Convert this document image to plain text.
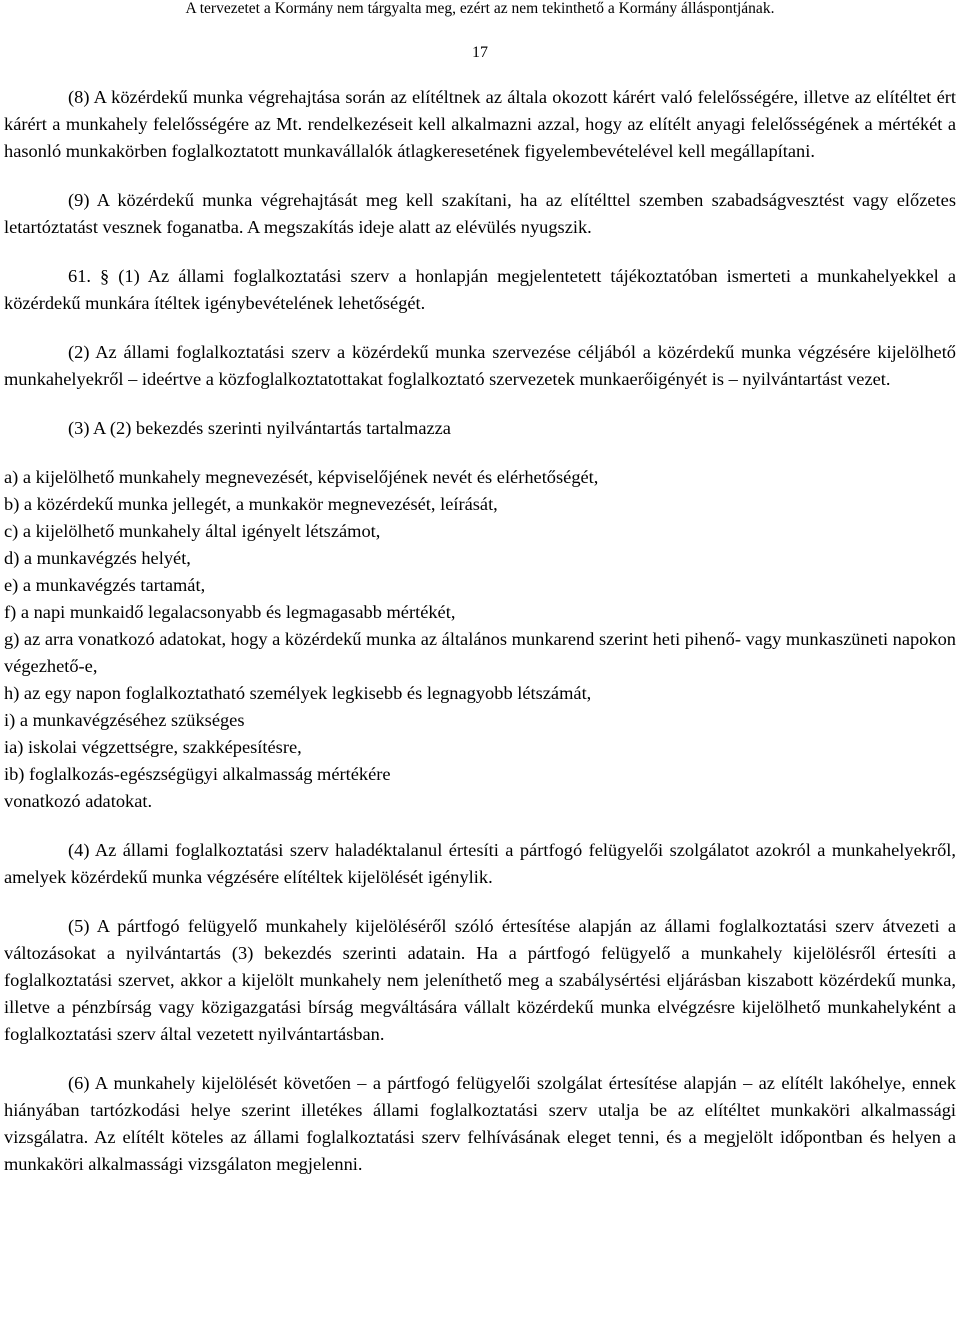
A tervezetet a Kormány nem tárgyalta meg, ezért az nem tekinthető a Kormány álláspontjának.
17

(8) A közérdekű munka végrehajtása során az elítéltnek az általa okozott kárért való felelősségére, illetve az elítéltet ért kárért a munkahely felelősségére az Mt. rendelkezéseit kell alkalmazni azzal, hogy az elítélt anyagi felelősségének a mértékét a hasonló munkakörben foglalkoztatott munkavállalók átlagkeresetének figyelembevételével kell megállapítani.

(9) A közérdekű munka végrehajtását meg kell szakítani, ha az elítélttel szemben szabadságvesztést vagy előzetes letartóztatást vesznek foganatba. A megszakítás ideje alatt az elévülés nyugszik.

61. § (1) Az állami foglalkoztatási szerv a honlapján megjelentetett tájékoztatóban ismerteti a munkahelyekkel a közérdekű munkára ítéltek igénybevételének lehetőségét.

(2) Az állami foglalkoztatási szerv a közérdekű munka szervezése céljából a közérdekű munka végzésére kijelölhető munkahelyekről – ideértve a közfoglalkoztatottakat foglalkoztató szervezetek munkaerőigényét is – nyilvántartást vezet.

(3) A (2) bekezdés szerinti nyilvántartás tartalmazza

a) a kijelölhető munkahely megnevezését, képviselőjének nevét és elérhetőségét,

b) a közérdekű munka jellegét, a munkakör megnevezését, leírását,

c) a kijelölhető munkahely által igényelt létszámot,

d) a munkavégzés helyét,

e) a munkavégzés tartamát,

f) a napi munkaidő legalacsonyabb és legmagasabb mértékét,

g) az arra vonatkozó adatokat, hogy a közérdekű munka az általános munkarend szerint heti pihenő- vagy munkaszüneti napokon végezhető-e,

h) az egy napon foglalkoztatható személyek legkisebb és legnagyobb létszámát,

i) a munkavégzéséhez szükséges

ia) iskolai végzettségre, szakképesítésre,

ib) foglalkozás-egészségügyi alkalmasság mértékére

vonatkozó adatokat.

(4) Az állami foglalkoztatási szerv haladéktalanul értesíti a pártfogó felügyelői szolgálatot azokról a munkahelyekről, amelyek közérdekű munka végzésére elítéltek kijelölését igénylik.

(5) A pártfogó felügyelő munkahely kijelöléséről szóló értesítése alapján az állami foglalkoztatási szerv átvezeti a változásokat a nyilvántartás (3) bekezdés szerinti adatain. Ha a pártfogó felügyelő a munkahely kijelölésről értesíti a foglalkoztatási szervet, akkor a kijelölt munkahely nem jeleníthető meg a szabálysértési eljárásban kiszabott közérdekű munka, illetve a pénzbírság vagy közigazgatási bírság megváltására vállalt közérdekű munka elvégzésre kijelölhető munkahelyként a foglalkoztatási szerv által vezetett nyilvántartásban.

(6) A munkahely kijelölését követően – a pártfogó felügyelői szolgálat értesítése alapján – az elítélt lakóhelye, ennek hiányában tartózkodási helye szerint illetékes állami foglalkoztatási szerv utalja be az elítéltet munkaköri alkalmassági vizsgálatra. Az elítélt köteles az állami foglalkoztatási szerv felhívásának eleget tenni, és a megjelölt időpontban és helyen a munkaköri alkalmassági vizsgálaton megjelenni.
